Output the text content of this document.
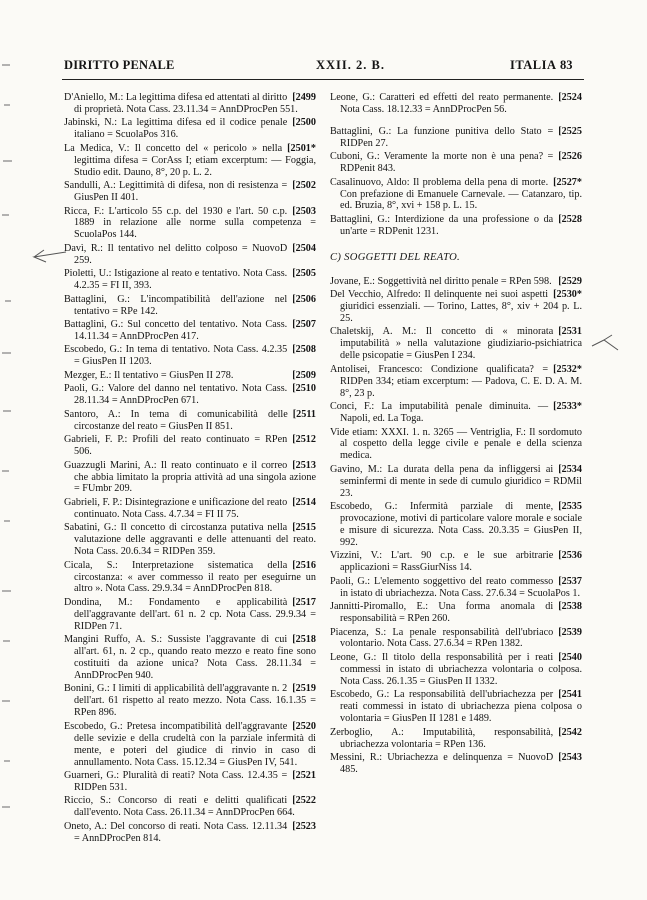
DIRITTO PENALE	XXII. 2. B.	ITALIA 83
[2499
D'Aniello, M.: La legittima difesa ed attentati al diritto di proprietà. Nota Cass. 23.11.34 = AnnDProcPen 551.
[2500
Jabinski, N.: La legittima difesa ed il codice penale italiano = ScuolaPos 316.
[2501*
La Medica, V.: Il concetto del « pericolo » nella legittima difesa = CorAss I; etiam excerptum: — Foggia, Studio edit. Dauno, 8°, 20 p. L. 2.
[2502
Sandulli, A.: Legittimità di difesa, non di resistenza = GiusPen II 401.
[2503
Ricca, F.: L'articolo 55 c.p. del 1930 e l'art. 50 c.p. 1889 in relazione alle norme sulla competenza = ScuolaPos 144.
[2504
Davì, R.: Il tentativo nel delitto colposo = NuovoD 259.
[2505
Pioletti, U.: Istigazione al reato e tentativo. Nota Cass. 4.2.35 = FI II, 393.
[2506
Battaglini, G.: L'incompatibilità dell'azione nel tentativo = RPe 142.
[2507
Battaglini, G.: Sul concetto del tentativo. Nota Cass. 14.11.34 = AnnDProcPen 417.
[2508
Escobedo, G.: In tema di tentativo. Nota Cass. 4.2.35 = GiusPen II 1203.
[2509
Mezger, E.: Il tentativo = GiusPen II 278.
[2510
Paoli, G.: Valore del danno nel tentativo. Nota Cass. 28.11.34 = AnnDProcPen 671.
[2511
Santoro, A.: In tema di comunicabilità delle circostanze del reato = GiusPen II 851.
[2512
Gabrieli, F. P.: Profili del reato continuato = RPen 506.
[2513
Guazzugli Marini, A.: Il reato continuato e il correo che abbia limitato la propria attività ad una singola azione = FUmbr 209.
[2514
Gabrieli, F. P.: Disintegrazione e unificazione del reato continuato. Nota Cass. 4.7.34 = FI II 75.
[2515
Sabatini, G.: Il concetto di circostanza putativa nella valutazione delle aggravanti e delle attenuanti del reato. Nota Cass. 20.6.34 = RIDPen 359.
[2516
Cicala, S.: Interpretazione sistematica della circostanza: « aver commesso il reato per eseguirne un altro ». Nota Cass. 29.9.34 = AnnDProcPen 818.
[2517
Dondina, M.: Fondamento e applicabilità dell'aggravante dell'art. 61 n. 2 cp. Nota Cass. 29.9.34 = RIDPen 71.
[2518
Mangini Ruffo, A. S.: Sussiste l'aggravante di cui all'art. 61, n. 2 cp., quando reato mezzo e reato fine sono costituiti da azione unica? Nota Cass. 28.11.34 = AnnDProcPen 940.
[2519
Bonini, G.: I limiti di applicabilità dell'aggravante n. 2 dell'art. 61 rispetto al reato mezzo. Nota Cass. 16.1.35 = RPen 896.
[2520
Escobedo, G.: Pretesa incompatibilità dell'aggravante delle sevizie e della crudeltà con la parziale infermità di mente, e poteri del giudice di rinvio in caso di annullamento. Nota Cass. 15.12.34 = GiusPen IV, 541.
[2521
Guarneri, G.: Pluralità di reati? Nota Cass. 12.4.35 = RIDPen 531.
[2522
Riccio, S.: Concorso di reati e delitti qualificati dall'evento. Nota Cass. 26.11.34 = AnnDProcPen 664.
[2523
Oneto, A.: Del concorso di reati. Nota Cass. 12.11.34 = AnnDProcPen 814.
[2524
Leone, G.: Caratteri ed effetti del reato permanente. Nota Cass. 18.12.33 = AnnDProcPen 56.
[2525
Battaglini, G.: La funzione punitiva dello Stato = RIDPen 27.
[2526
Cuboni, G.: Veramente la morte non è una pena? = RDPenit 843.
[2527*
Casalinuovo, Aldo: Il problema della pena di morte. Con prefazione di Emanuele Carnevale. — Catanzaro, tip. ed. Bruzia, 8°, xvi + 158 p. L. 15.
[2528
Battaglini, G.: Interdizione da una professione o da un'arte = RDPenit 1231.
C) SOGGETTI DEL REATO.
[2529
Jovane, E.: Soggettività nel diritto penale = RPen 598.
[2530*
Del Vecchio, Alfredo: Il delinquente nei suoi aspetti giuridici essenziali. — Torino, Lattes, 8°, xiv + 204 p. L. 25.
[2531
Chaletskij, A. M.: Il concetto di « minorata imputabilità » nella valutazione giudiziario-psichiatrica delle psicopatie = GiusPen I 234.
[2532*
Antolisei, Francesco: Condizione qualificata? = RIDPen 334; etiam excerptum: — Padova, C. E. D. A. M. 8°, 23 p.
[2533*
Conci, F.: La imputabilità penale diminuita. — Napoli, ed. La Toga.
Vide etiam: XXXI. 1. n. 3265 — Ventriglia, F.: Il sordomuto al cospetto della legge civile e penale e della scienza medica.
[2534
Gavino, M.: La durata della pena da infliggersi ai seminfermi di mente in sede di cumulo giuridico = RDMil 23.
[2535
Escobedo, G.: Infermità parziale di mente, provocazione, motivi di particolare valore morale e sociale e misure di sicurezza. Nota Cass. 20.3.35 = GiusPen II, 992.
[2536
Vizzini, V.: L'art. 90 c.p. e le sue arbitrarie applicazioni = RassGiurNiss 14.
[2537
Paoli, G.: L'elemento soggettivo del reato commesso in istato di ubriachezza. Nota Cass. 27.6.34 = ScuolaPos 1.
[2538
Jannitti-Piromallo, E.: Una forma anomala di responsabilità = RPen 260.
[2539
Piacenza, S.: La penale responsabilità dell'ubriaco volontario. Nota Cass. 27.6.34 = RPen 1382.
[2540
Leone, G.: Il titolo della responsabilità per i reati commessi in istato di ubriachezza volontaria o colposa. Nota Cass. 26.1.35 = GiusPen II 1332.
[2541
Escobedo, G.: La responsabilità dell'ubriachezza per reati commessi in istato di ubriachezza piena colposa o volontaria = GiusPen II 1281 e 1489.
[2542
Zerboglio, A.: Imputabilità, responsabilità, ubriachezza volontaria = RPen 136.
[2543
Messini, R.: Ubriachezza e delinquenza = NuovoD 485.
